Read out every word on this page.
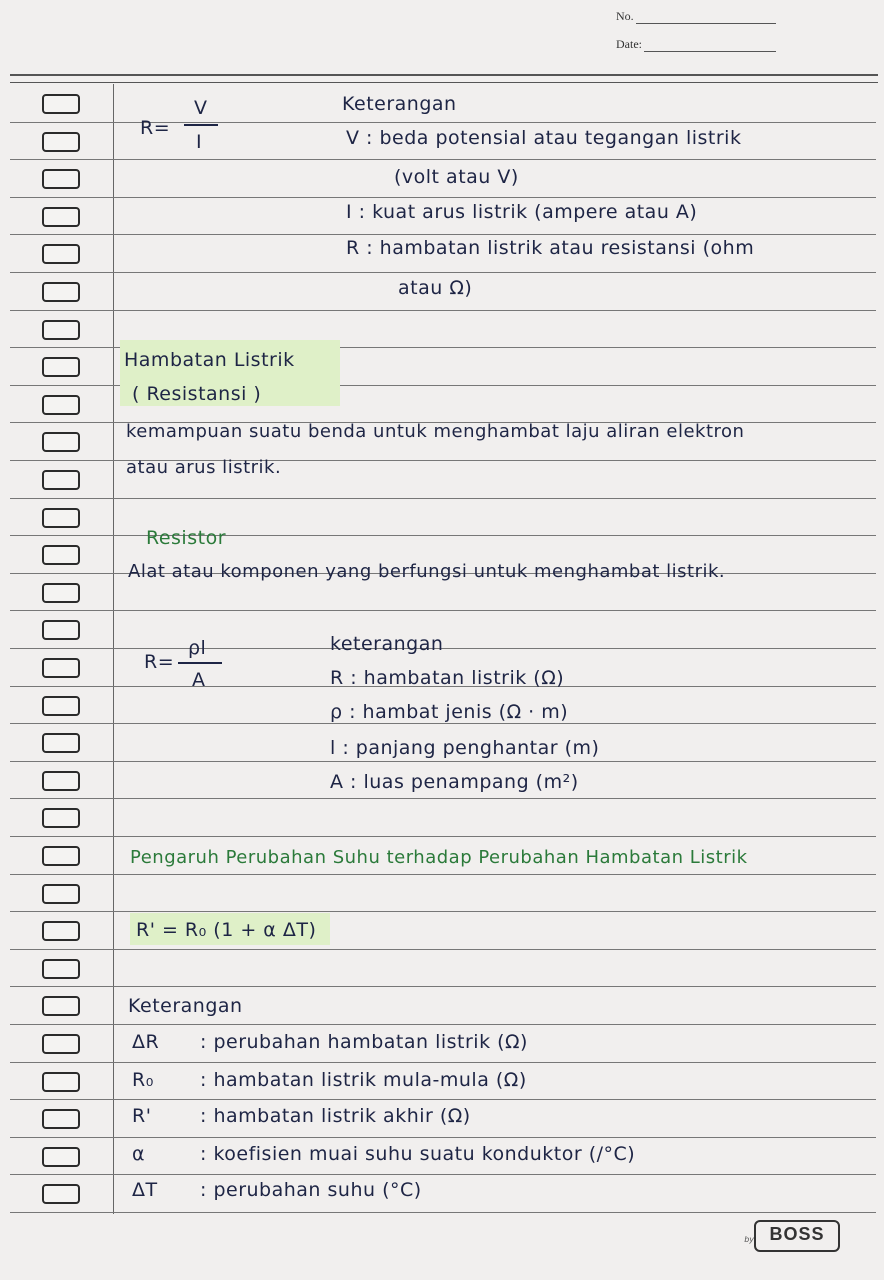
No.
Date:
R=
V
I
Keterangan
V : beda potensial atau tegangan listrik
(volt atau V)
I : kuat arus listrik (ampere atau A)
R : hambatan listrik atau resistansi (ohm
atau Ω)
Hambatan Listrik
( Resistansi )
kemampuan suatu benda untuk menghambat laju aliran elektron
atau arus listrik.
Resistor
Alat atau komponen yang berfungsi untuk menghambat listrik.
R=
ρl
A
keterangan
R : hambatan listrik (Ω)
ρ : hambat jenis (Ω · m)
l : panjang penghantar (m)
A : luas penampang (m²)
Pengaruh Perubahan Suhu terhadap Perubahan Hambatan Listrik
R' = R₀ (1 + α ΔT)
Keterangan
ΔR : perubahan hambatan listrik (Ω)
R₀ : hambatan listrik mula-mula (Ω)
R'	: hambatan listrik akhir (Ω)
α	: koefisien muai suhu suatu konduktor (/°C)
ΔT : perubahan suhu (°C)
by BOSS
